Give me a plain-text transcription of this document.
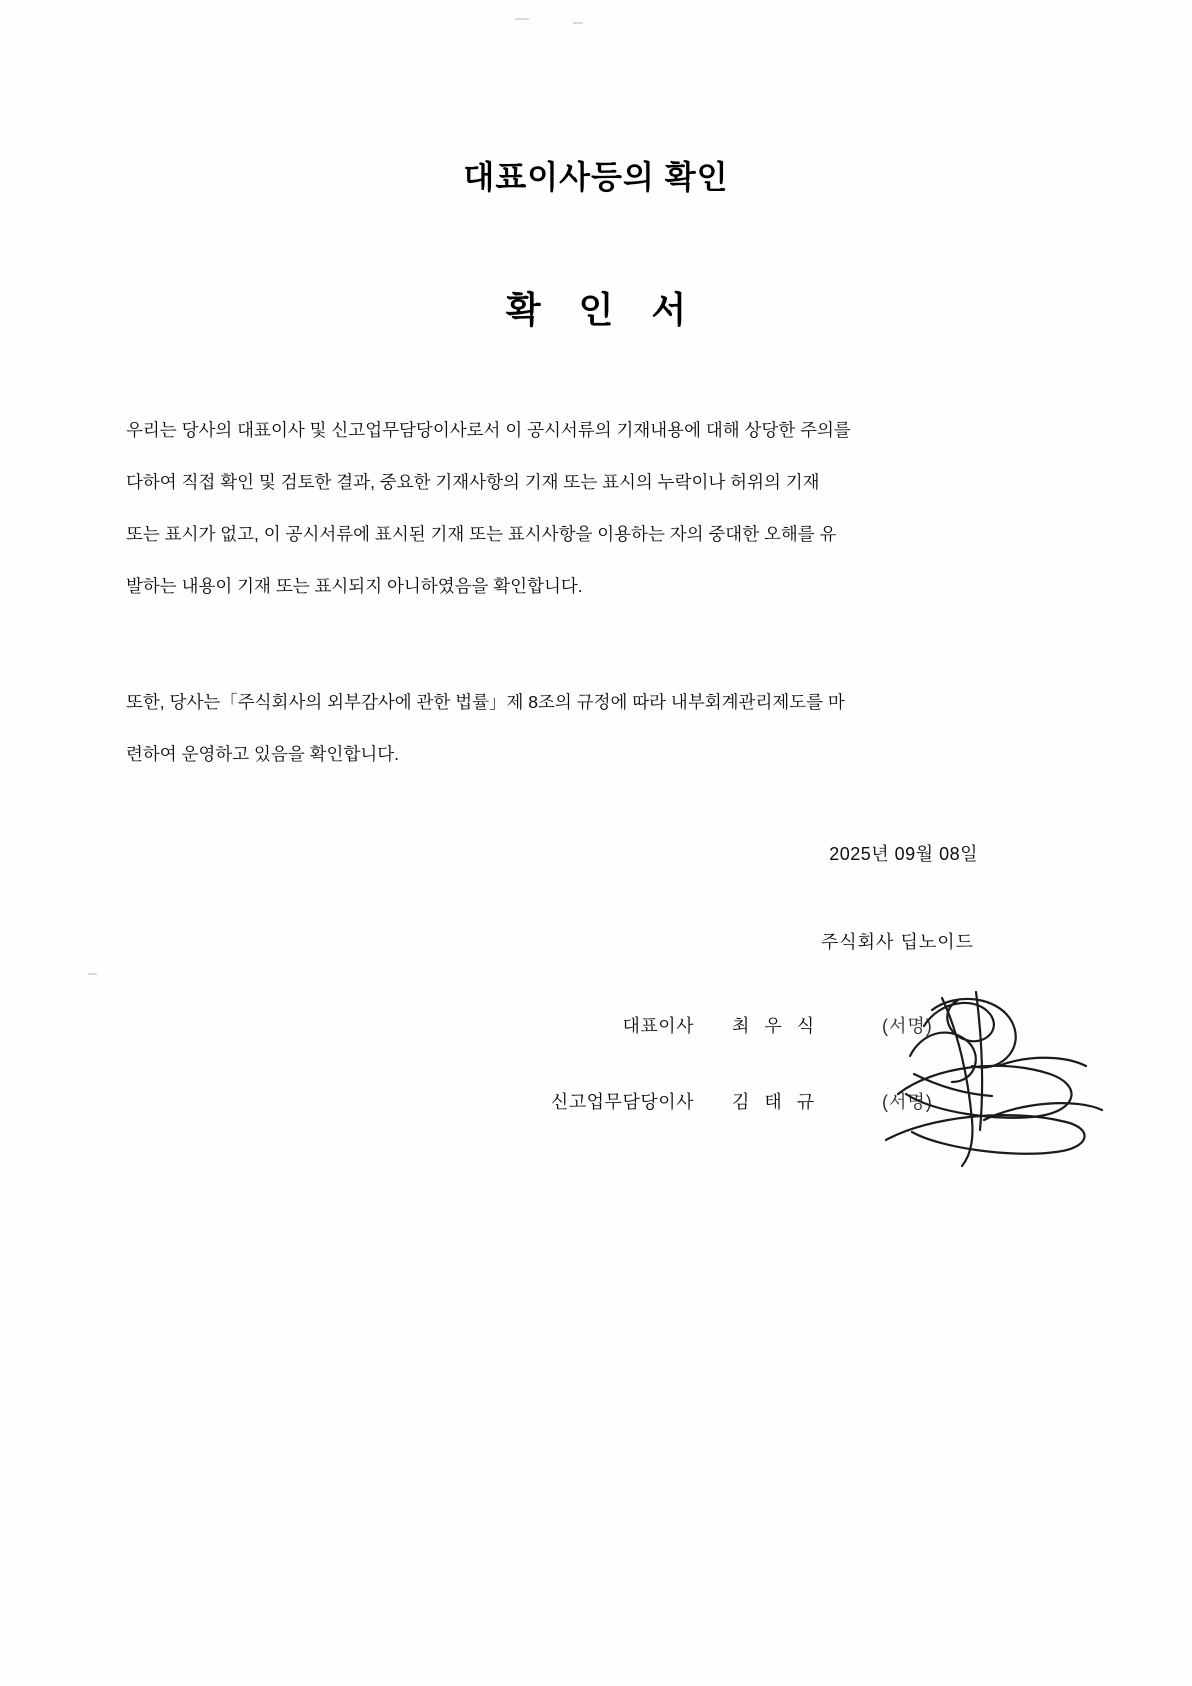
대표이사등의 확인
확 인 서

우리는 당사의 대표이사 및 신고업무담당이사로서 이 공시서류의 기재내용에 대해 상당한 주의를

다하여 직접 확인 및 검토한 결과, 중요한 기재사항의 기재 또는 표시의 누락이나 허위의 기재

또는 표시가 없고, 이 공시서류에 표시된 기재 또는 표시사항을 이용하는 자의 중대한 오해를 유

발하는 내용이 기재 또는 표시되지 아니하였음을 확인합니다.

또한, 당사는「주식회사의 외부감사에 관한 법률」제 8조의 규정에 따라 내부회계관리제도를 마

련하여 운영하고 있음을 확인합니다.

2025년 09월 08일
주식회사 딥노이드
대표이사	최 우 식	(서명)
신고업무담당이사	김 태 규	(서명)
